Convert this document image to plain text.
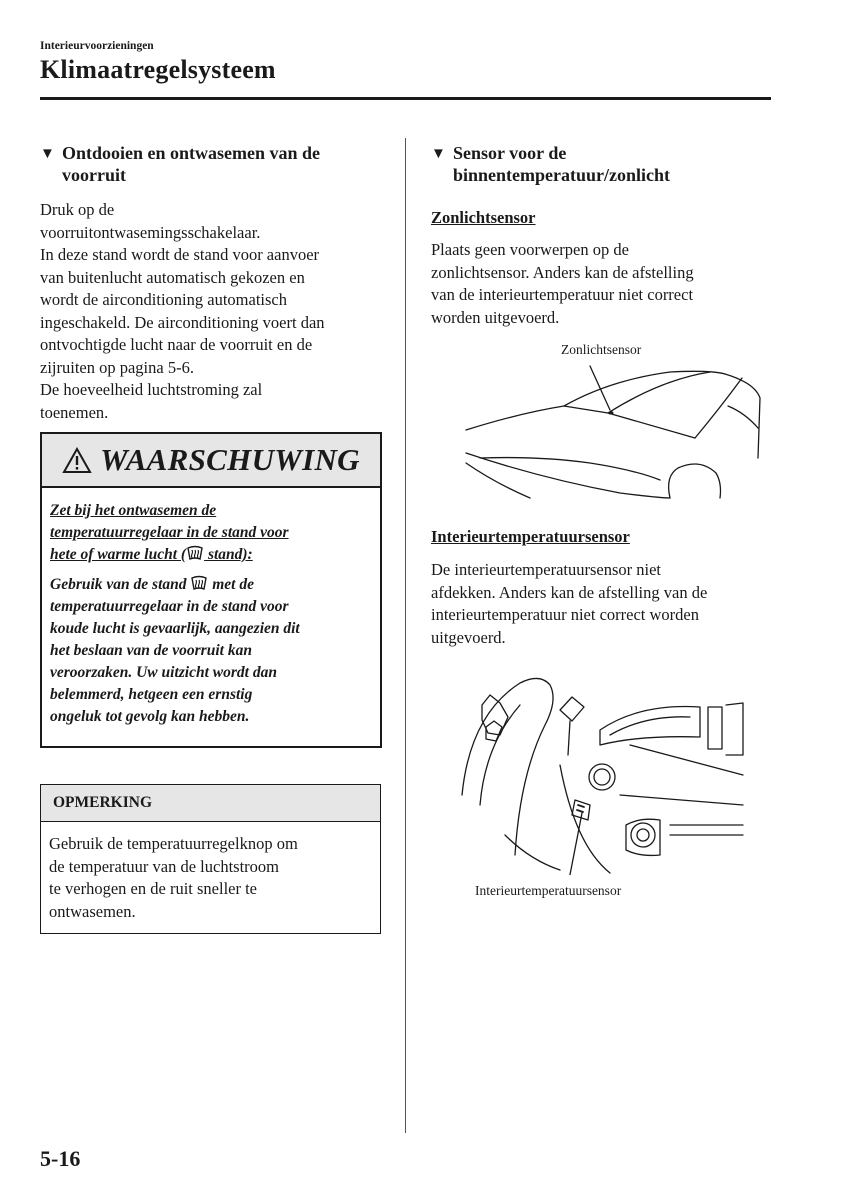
Interieurvoorzieningen
Klimaatregelsysteem
▼ Ontdooien en ontwasemen van de
voorruit

Druk op de
voorruitontwasemingsschakelaar.

In deze stand wordt de stand voor aanvoer
van buitenlucht automatisch gekozen en
wordt de airconditioning automatisch
ingeschakeld. De airconditioning voert dan
ontvochtigde lucht naar de voorruit en de
zijruiten op pagina 5-6.

De hoeveelheid luchtstroming zal
toenemen.

WAARSCHUWING

Zet bij het ontwasemen de
temperatuurregelaar in de stand voor
hete of warme lucht ( stand):

Gebruik van de stand  met de
temperatuurregelaar in de stand voor
koude lucht is gevaarlijk, aangezien dit
het beslaan van de voorruit kan
veroorzaken. Uw uitzicht wordt dan
belemmerd, hetgeen een ernstig
ongeluk tot gevolg kan hebben.

OPMERKING
Gebruik de temperatuurregelknop om
de temperatuur van de luchtstroom
te verhogen en de ruit sneller te
ontwasemen.
▼ Sensor voor de
binnentemperatuur/zonlicht

Zonlichtsensor

Plaats geen voorwerpen op de
zonlichtsensor. Anders kan de afstelling
van de interieurtemperatuur niet correct
worden uitgevoerd.
Zonlichtsensor

Interieurtemperatuursensor

De interieurtemperatuursensor niet
afdekken. Anders kan de afstelling van de
interieurtemperatuur niet correct worden
uitgevoerd.
Interieurtemperatuursensor
5-16
